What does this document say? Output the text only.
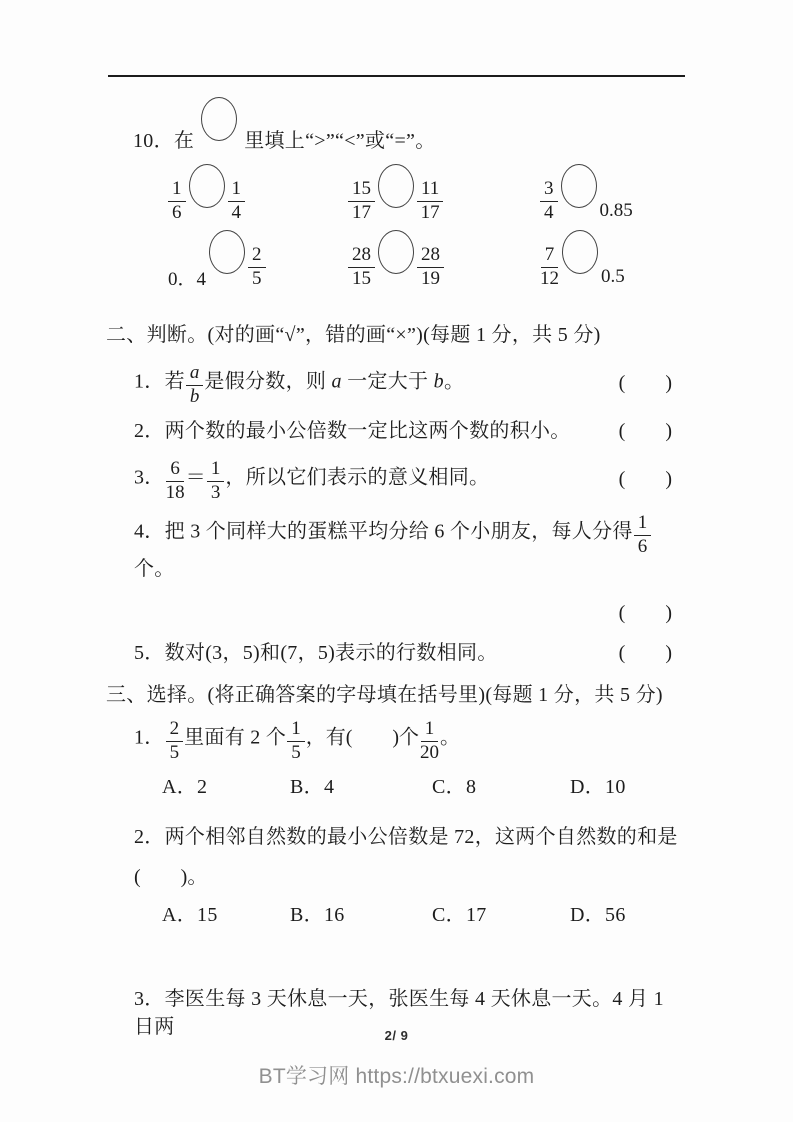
10．在	里填上“>”“<”或“=”。
$\frac{1}{6} \frac{1}{4}$	$\frac{15}{17} \frac{11}{17}$	$\frac{3}{4} 0.85$
0．$4 \frac{2}{5}$	$\frac{28}{15} \frac{28}{19}$	$\frac{7}{12} 0.5$
二、判断。(对的画“√”，错的画“×”)(每题 1 分，共 5 分)
1．若 $\frac{a}{b}$ 是假分数，则 a 一定大于 b。	(　　)
2．两个数的最小公倍数一定比这两个数的积小。	(　　)
3． $\frac{6}{18} = \frac{1}{3}$ ，所以它们表示的意义相同。	(　　)
4．把 3 个同样大的蛋糕平均分给 6 个小朋友，每人分得 $\frac{1}{6}$
个。
(　　)
5．数对(3，5)和(7，5)表示的行数相同。	(　　)
三、选择。(将正确答案的字母填在括号里)(每题 1 分，共 5 分)
1． $\frac{2}{5}$ 里面有 2 个 $\frac{1}{5}$ ，有(　　)个 $\frac{1}{20}$ 。
A．2	B．4	C．8	D．10
2．两个相邻自然数的最小公倍数是 72，这两个自然数的和是
(　　)。
A．15	B．16	C．17	D．56
3．李医生每 3 天休息一天，张医生每 4 天休息一天。4 月 1 日两	2/ 9
BT学习网 https://btxuexi.com
